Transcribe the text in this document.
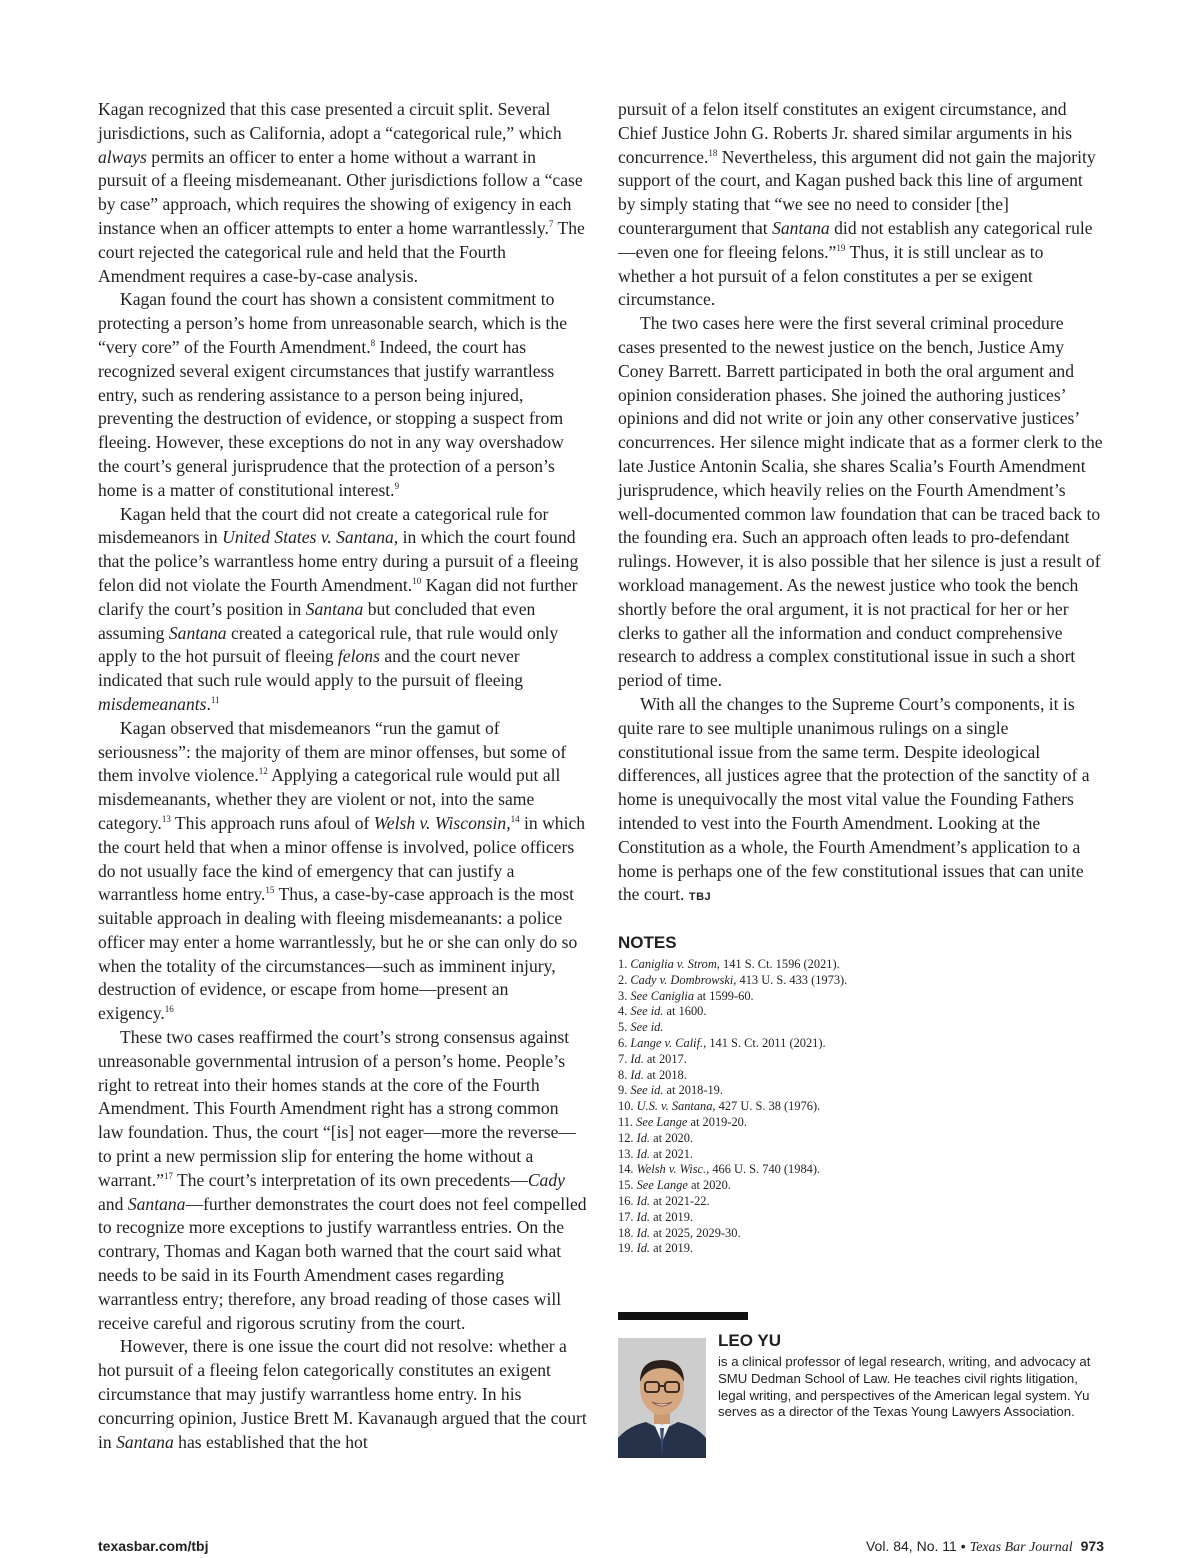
Kagan recognized that this case presented a circuit split. Several jurisdictions, such as California, adopt a “categorical rule,” which always permits an officer to enter a home without a warrant in pursuit of a fleeing misdemeanant. Other jurisdictions follow a “case by case” approach, which requires the showing of exigency in each instance when an officer attempts to enter a home warrantlessly.$^7$ The court rejected the categorical rule and held that the Fourth Amendment requires a case-by-case analysis.

Kagan found the court has shown a consistent commitment to protecting a person’s home from unreasonable search, which is the “very core” of the Fourth Amendment.$^8$ Indeed, the court has recognized several exigent circumstances that justify warrantless entry, such as rendering assistance to a person being injured, preventing the destruction of evidence, or stopping a suspect from fleeing. However, these exceptions do not in any way overshadow the court’s general jurisprudence that the protection of a person’s home is a matter of constitutional interest.$^9$

Kagan held that the court did not create a categorical rule for misdemeanors in United States v. Santana, in which the court found that the police’s warrantless home entry during a pursuit of a fleeing felon did not violate the Fourth Amendment.$^{10}$ Kagan did not further clarify the court’s position in Santana but concluded that even assuming Santana created a categorical rule, that rule would only apply to the hot pursuit of fleeing felons and the court never indicated that such rule would apply to the pursuit of fleeing misdemeanants.$^{11}$

Kagan observed that misdemeanors “run the gamut of seriousness”: the majority of them are minor offenses, but some of them involve violence.$^{12}$ Applying a categorical rule would put all misdemeanants, whether they are violent or not, into the same category.$^{13}$ This approach runs afoul of Welsh v. Wisconsin,$^{14}$ in which the court held that when a minor offense is involved, police officers do not usually face the kind of emergency that can justify a warrantless home entry.$^{15}$ Thus, a case-by-case approach is the most suitable approach in dealing with fleeing misdemeanants: a police officer may enter a home warrantlessly, but he or she can only do so when the totality of the circumstances—such as imminent injury, destruction of evidence, or escape from home—present an exigency.$^{16}$

These two cases reaffirmed the court’s strong consensus against unreasonable governmental intrusion of a person’s home. People’s right to retreat into their homes stands at the core of the Fourth Amendment. This Fourth Amendment right has a strong common law foundation. Thus, the court “[is] not eager—more the reverse—to print a new permission slip for entering the home without a warrant.”$^{17}$ The court’s interpretation of its own precedents—Cady and Santana—further demonstrates the court does not feel compelled to recognize more exceptions to justify warrantless entries. On the contrary, Thomas and Kagan both warned that the court said what needs to be said in its Fourth Amendment cases regarding warrantless entry; therefore, any broad reading of those cases will receive careful and rigorous scrutiny from the court.

However, there is one issue the court did not resolve: whether a hot pursuit of a fleeing felon categorically constitutes an exigent circumstance that may justify warrantless home entry. In his concurring opinion, Justice Brett M. Kavanaugh argued that the court in Santana has established that the hot

pursuit of a felon itself constitutes an exigent circumstance, and Chief Justice John G. Roberts Jr. shared similar arguments in his concurrence.$^{18}$ Nevertheless, this argument did not gain the majority support of the court, and Kagan pushed back this line of argument by simply stating that “we see no need to consider [the] counterargument that Santana did not establish any categorical rule—even one for fleeing felons.”$^{19}$ Thus, it is still unclear as to whether a hot pursuit of a felon constitutes a per se exigent circumstance.

The two cases here were the first several criminal procedure cases presented to the newest justice on the bench, Justice Amy Coney Barrett. Barrett participated in both the oral argument and opinion consideration phases. She joined the authoring justices’ opinions and did not write or join any other conservative justices’ concurrences. Her silence might indicate that as a former clerk to the late Justice Antonin Scalia, she shares Scalia’s Fourth Amendment jurisprudence, which heavily relies on the Fourth Amendment’s well-documented common law foundation that can be traced back to the founding era. Such an approach often leads to pro-defendant rulings. However, it is also possible that her silence is just a result of workload management. As the newest justice who took the bench shortly before the oral argument, it is not practical for her or her clerks to gather all the information and conduct comprehensive research to address a complex constitutional issue in such a short period of time.

With all the changes to the Supreme Court’s components, it is quite rare to see multiple unanimous rulings on a single constitutional issue from the same term. Despite ideological differences, all justices agree that the protection of the sanctity of a home is unequivocally the most vital value the Founding Fathers intended to vest into the Fourth Amendment. Looking at the Constitution as a whole, the Fourth Amendment’s application to a home is perhaps one of the few constitutional issues that can unite the court. TBJ

NOTES
1. Caniglia v. Strom, 141 S. Ct. 1596 (2021).
2. Cady v. Dombrowski, 413 U. S. 433 (1973).
3. See Caniglia at 1599-60.
4. See id. at 1600.
5. See id.
6. Lange v. Calif., 141 S. Ct. 2011 (2021).
7. Id. at 2017.
8. Id. at 2018.
9. See id. at 2018-19.
10. U.S. v. Santana, 427 U. S. 38 (1976).
11. See Lange at 2019-20.
12. Id. at 2020.
13. Id. at 2021.
14. Welsh v. Wisc., 466 U. S. 740 (1984).
15. See Lange at 2020.
16. Id. at 2021-22.
17. Id. at 2019.
18. Id. at 2025, 2029-30.
19. Id. at 2019.
LEO YU
is a clinical professor of legal research, writing, and advocacy at SMU Dedman School of Law. He teaches civil rights litigation, legal writing, and perspectives of the American legal system. Yu serves as a director of the Texas Young Lawyers Association.
texasbar.com/tbj	Vol. 84, No. 11 • Texas Bar Journal 973
